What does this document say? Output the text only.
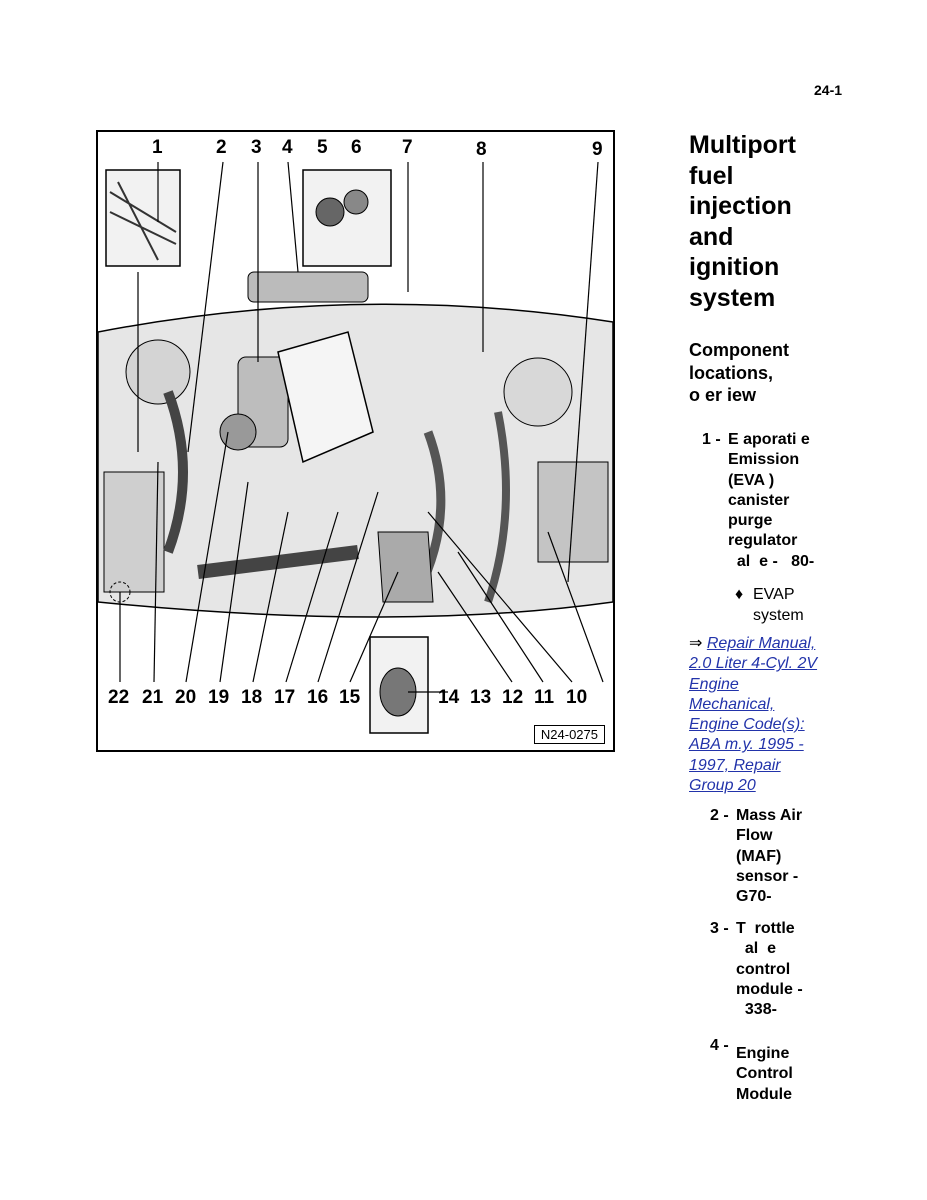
24-1
1	2 3 4 5 6 7	8	9
22 21 20 19 18 17 16 15	14 13 12 11 10
N24-0275
Multiport
fuel
injection
and
ignition
system
Component
locations,
o er iew
1 - E aporati e
Emission
(EVA )
canister
purge
regulator
al  e -   80-
♦ EVAP
system
⇒ Repair Manual,
2.0 Liter 4-Cyl. 2V
Engine
Mechanical,
Engine Code(s):
ABA m.y. 1995 -
1997, Repair
Group 20
2 - Mass Air
Flow
(MAF)
sensor -
G70-
3 - T  rottle
al  e
control
module -
338-
4 - Engine
Control
Module
